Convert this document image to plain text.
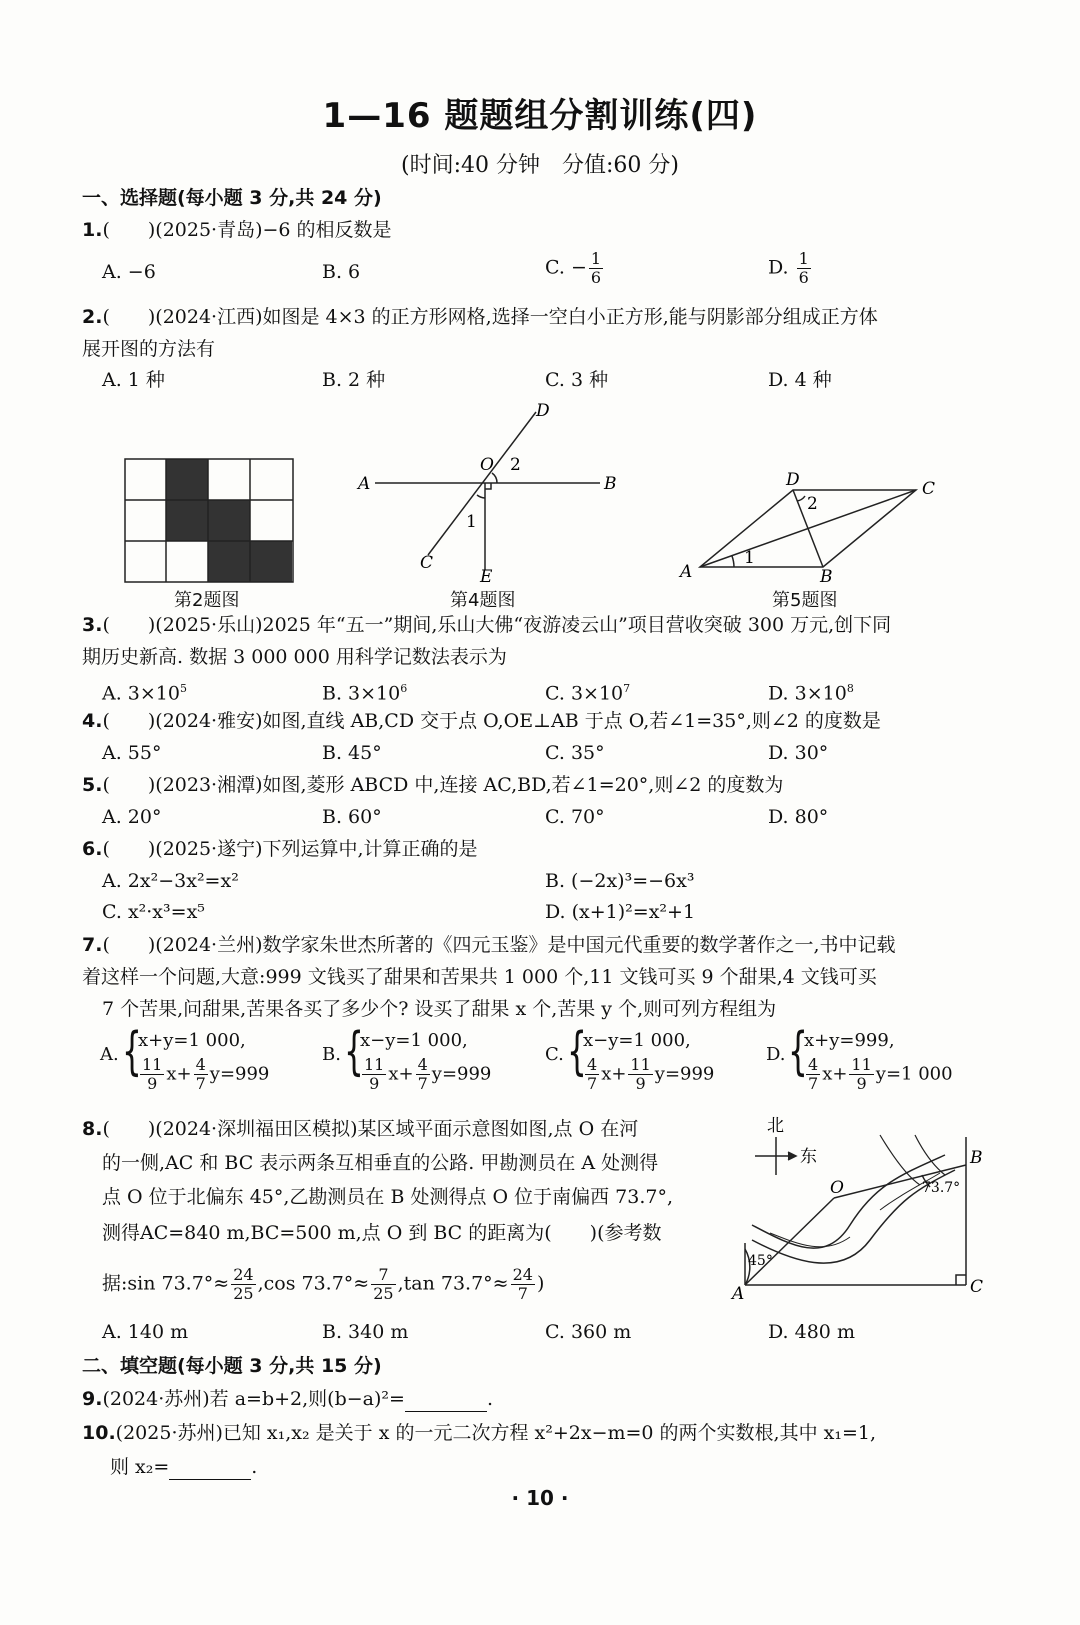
1—16 题题组分割训练(四)
(时间:40 分钟　分值:60 分)
一、选择题(每小题 3 分,共 24 分)
1.(　　)(2025·青岛)−6 的相反数是
A. −6	B. 6	C. − $\frac{1}{6}$	D. $\frac{1}{6}$
2.(　　)(2024·江西)如图是 4×3 的正方形网格,选择一空白小正方形,能与阴影部分组成正方体
展开图的方法有
A. 1 种	B. 2 种	C. 3 种	D. 4 种
第2题图
A	B
D
C
E
O 2
1
第4题图
A	B
C
D
1
2
第5题图
3.(　　)(2025·乐山)2025 年“五一”期间,乐山大佛“夜游凌云山”项目营收突破 300 万元,创下同
期历史新高. 数据 3 000 000 用科学记数法表示为
A. $3\times 10^5$	B. $3\times 10^6$	C. $3\times 10^7$	D. $3\times 10^8$
4.(　　)(2024·雅安)如图,直线 AB,CD 交于点 O,OE⊥AB 于点 O,若∠1=35°,则∠2 的度数是
A. 55°	B. 45°	C. 35°	D. 30°
5.(　　)(2023·湘潭)如图,菱形 ABCD 中,连接 AC,BD,若∠1=20°,则∠2 的度数为
A. 20°	B. 60°	C. 70°	D. 80°
6.(　　)(2025·遂宁)下列运算中,计算正确的是
A. 2x²−3x²=x²	B. (−2x)³=−6x³
C. x²·x³=x⁵	D. (x+1)²=x²+1
7.(　　)(2024·兰州)数学家朱世杰所著的《四元玉鉴》是中国元代重要的数学著作之一,书中记载
着这样一个问题,大意:999 文钱买了甜果和苦果共 1 000 个,11 文钱可买 9 个甜果,4 文钱可买
7 个苦果,问甜果,苦果各买了多少个? 设买了甜果 x 个,苦果 y 个,则可列方程组为
A. {
x+y=1 000,
$\frac{11}{9} x+ \frac{4}{7} y=999$
B. {
x−y=1 000,
$\frac{11}{9} x+ \frac{4}{7} y=999$
C. {
x−y=1 000,
$\frac{4}{7} x+ \frac{11}{9} y=999$
D. {
x+y=999,
$\frac{4}{7} x+ \frac{11}{9} y=1$ 000
8.(　　)(2024·深圳福田区模拟)某区域平面示意图如图,点 O 在河
的一侧,AC 和 BC 表示两条互相垂直的公路. 甲勘测员在 A 处测得
点 O 位于北偏东 45°,乙勘测员在 B 处测得点 O 位于南偏西 73.7°,
测得AC=840 m,BC=500 m,点 O 到 BC 的距离为(　　)(参考数
据:sin $73.7^\circ\approx \frac{24}{25} ,\cos$ $73.7^\circ\approx \frac{7}{25} ,\tan$ $73.7^\circ\approx \frac{24}{7}$ )
北
东	B
C
A
O
45°
73.7°
A. 140 m	B. 340 m	C. 360 m	D. 480 m
二、填空题(每小题 3 分,共 15 分)
9.(2024·苏州)若 a=b+2,则(b−a)²=	.
10.(2025·苏州)已知 x₁,x₂ 是关于 x 的一元二次方程 x²+2x−m=0 的两个实数根,其中 x₁=1,
则 x₂=	.
· 10 ·
